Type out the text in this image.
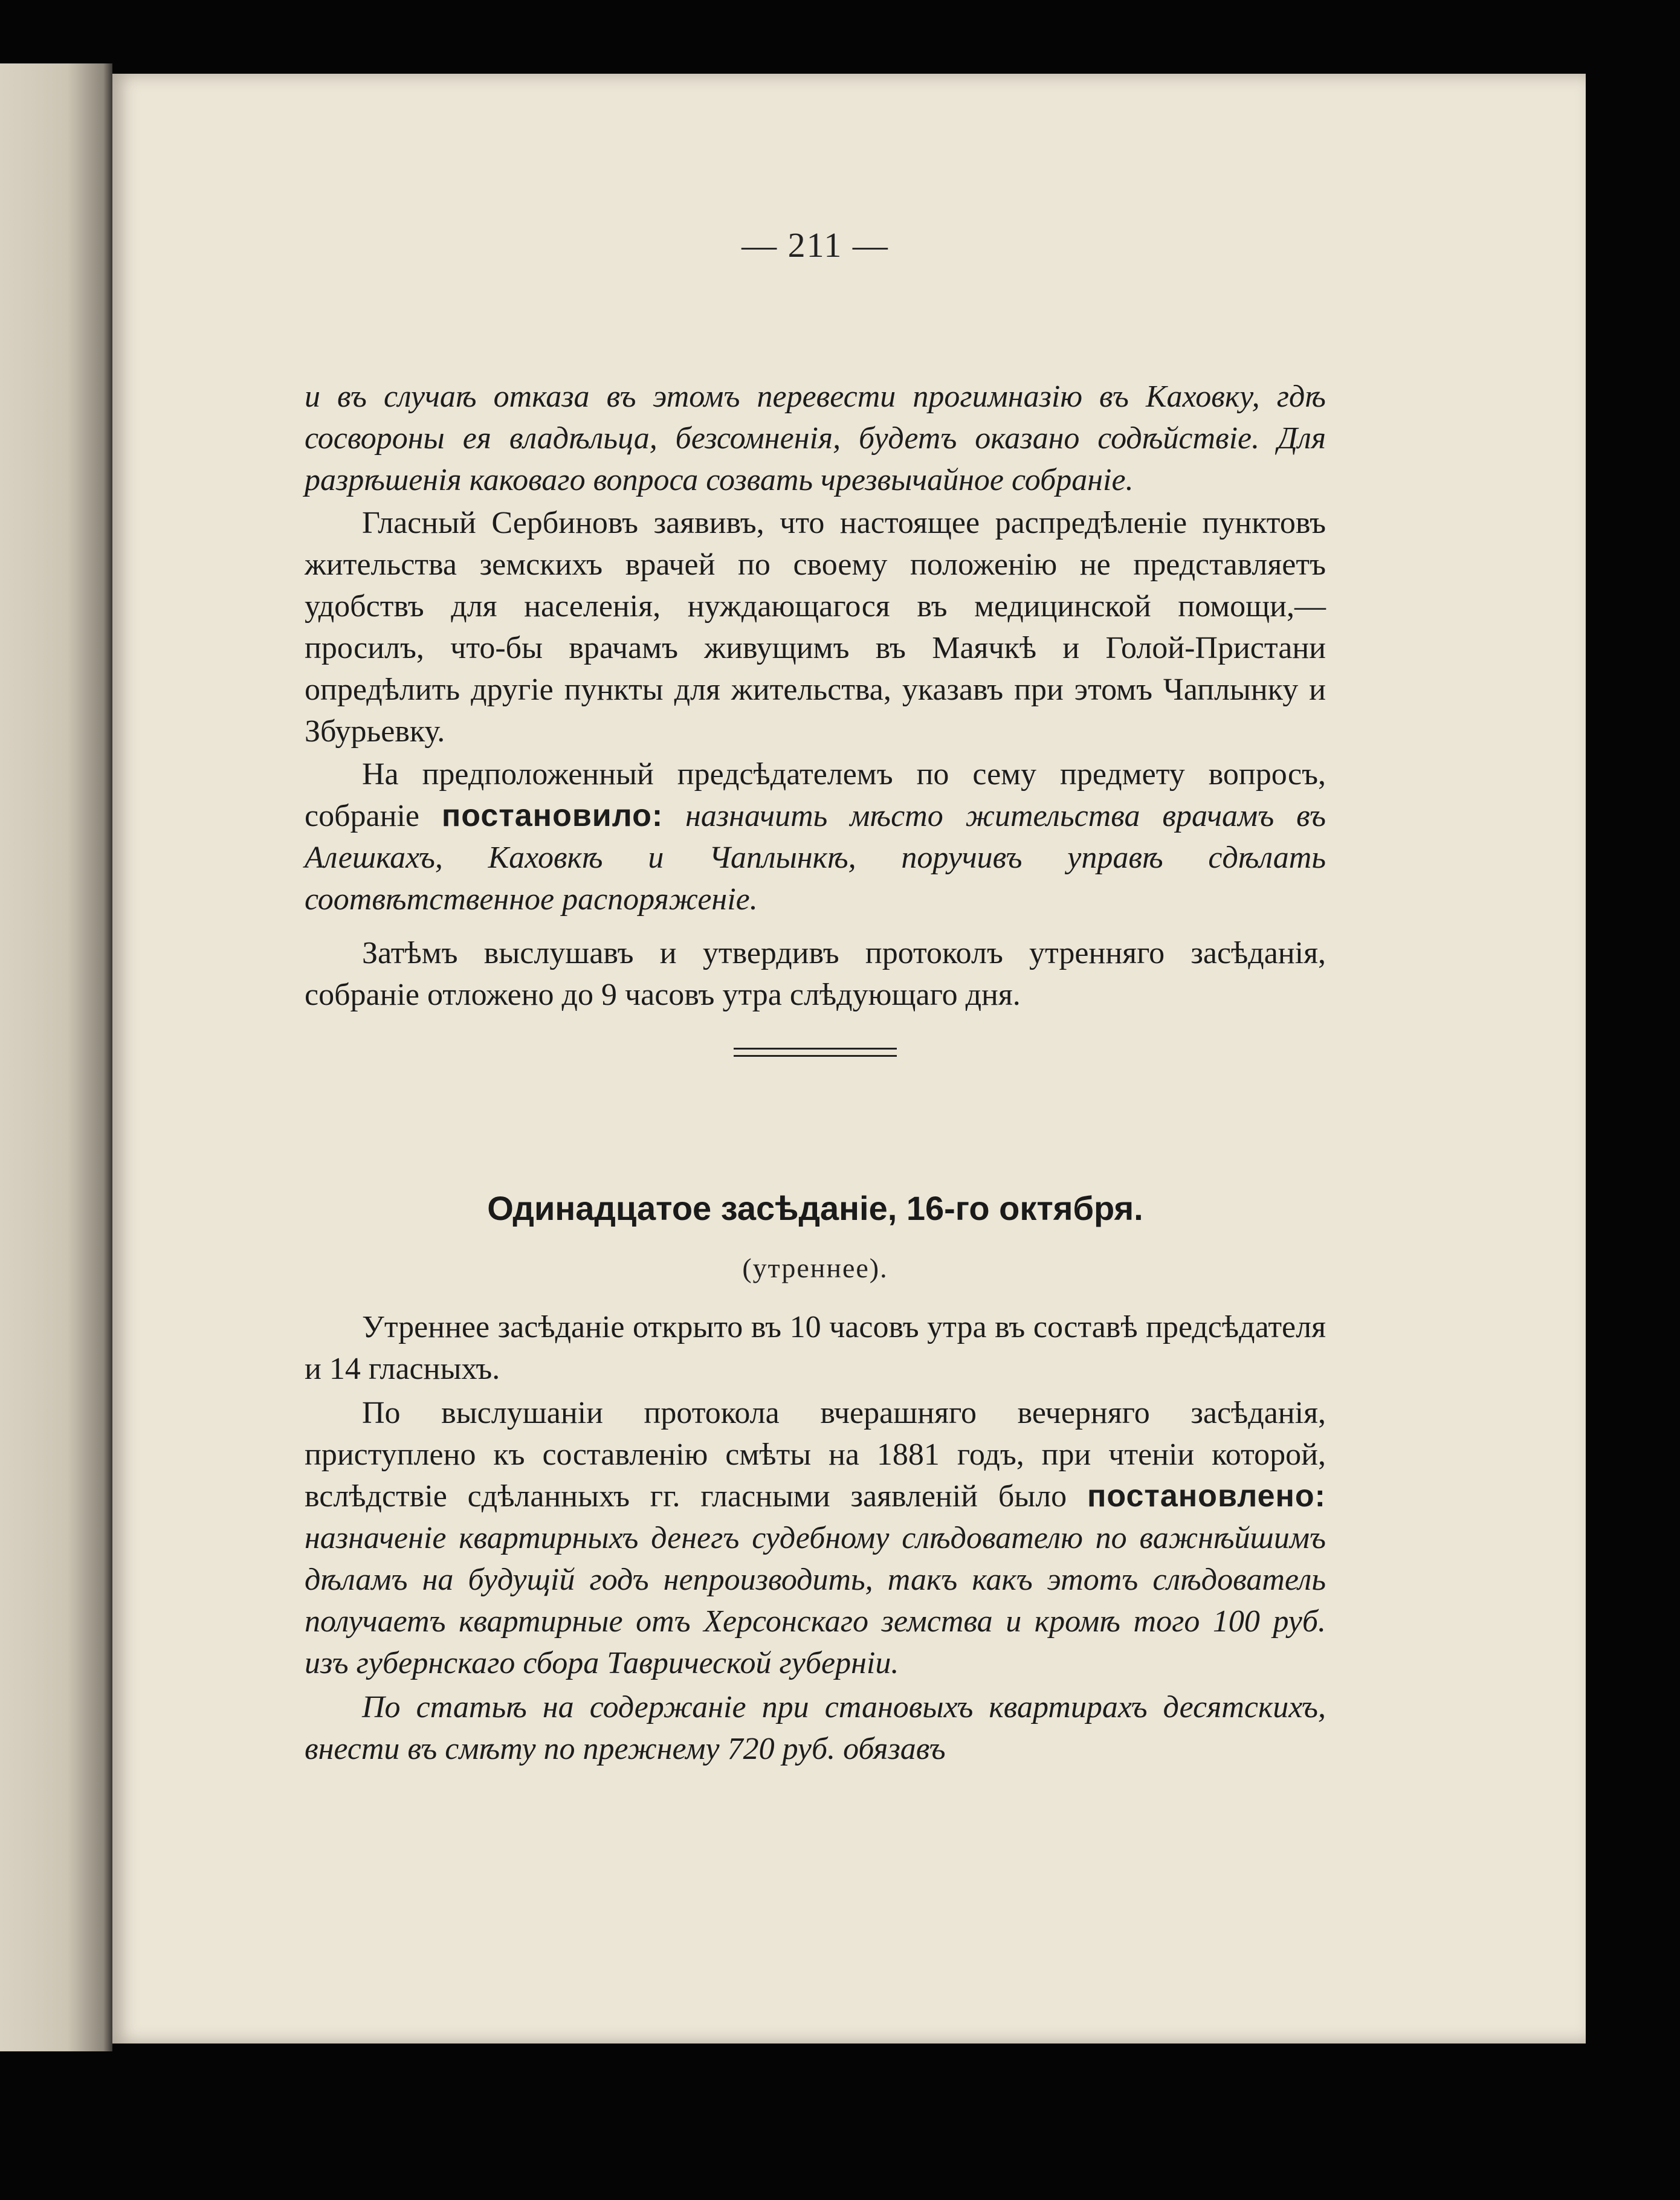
— 211 —

и въ случаѣ отказа въ этомъ перевести прогимназію въ Каховку, гдѣ сосвороны ея владѣльца, безсомненія, будетъ оказано содѣйствіе. Для разрѣшенія каковаго вопроса созвать чрезвычайное собраніе.

Гласный Сербиновъ заявивъ, что настоящее распредѣленіе пунктовъ жительства земскихъ врачей по своему положенію не представляетъ удобствъ для населенія, нуждающагося въ медицинской помощи,—просилъ, что-бы врачамъ живущимъ въ Маячкѣ и Голой-Пристани опредѣлить другіе пункты для жительства, указавъ при этомъ Чаплынку и Збурьевку.

На предположенный предсѣдателемъ по сему предмету вопросъ, собраніе постановило: назначить мѣсто жительства врачамъ въ Алешкахъ, Каховкѣ и Чаплынкѣ, поручивъ управѣ сдѣлать соотвѣтственное распоряженіе.

Затѣмъ выслушавъ и утвердивъ протоколъ утренняго засѣданія, собраніе отложено до 9 часовъ утра слѣдующаго дня.

Одинадцатое засѣданіе, 16-го октября.
(утреннее).

Утреннее засѣданіе открыто въ 10 часовъ утра въ составѣ предсѣдателя и 14 гласныхъ.

По выслушаніи протокола вчерашняго вечерняго засѣданія, приступлено къ составленію смѣты на 1881 годъ, при чтеніи которой, вслѣдствіе сдѣланныхъ гг. гласными заявленій было постановлено: назначеніе квартирныхъ денегъ судебному слѣдователю по важнѣйшимъ дѣламъ на будущій годъ непроизводить, такъ какъ этотъ слѣдователь получаетъ квартирные отъ Херсонскаго земства и кромѣ того 100 руб. изъ губернскаго сбора Таврической губерніи.

По статьѣ на содержаніе при становыхъ квартирахъ десятскихъ, внести въ смѣту по прежнему 720 руб. обязавъ
